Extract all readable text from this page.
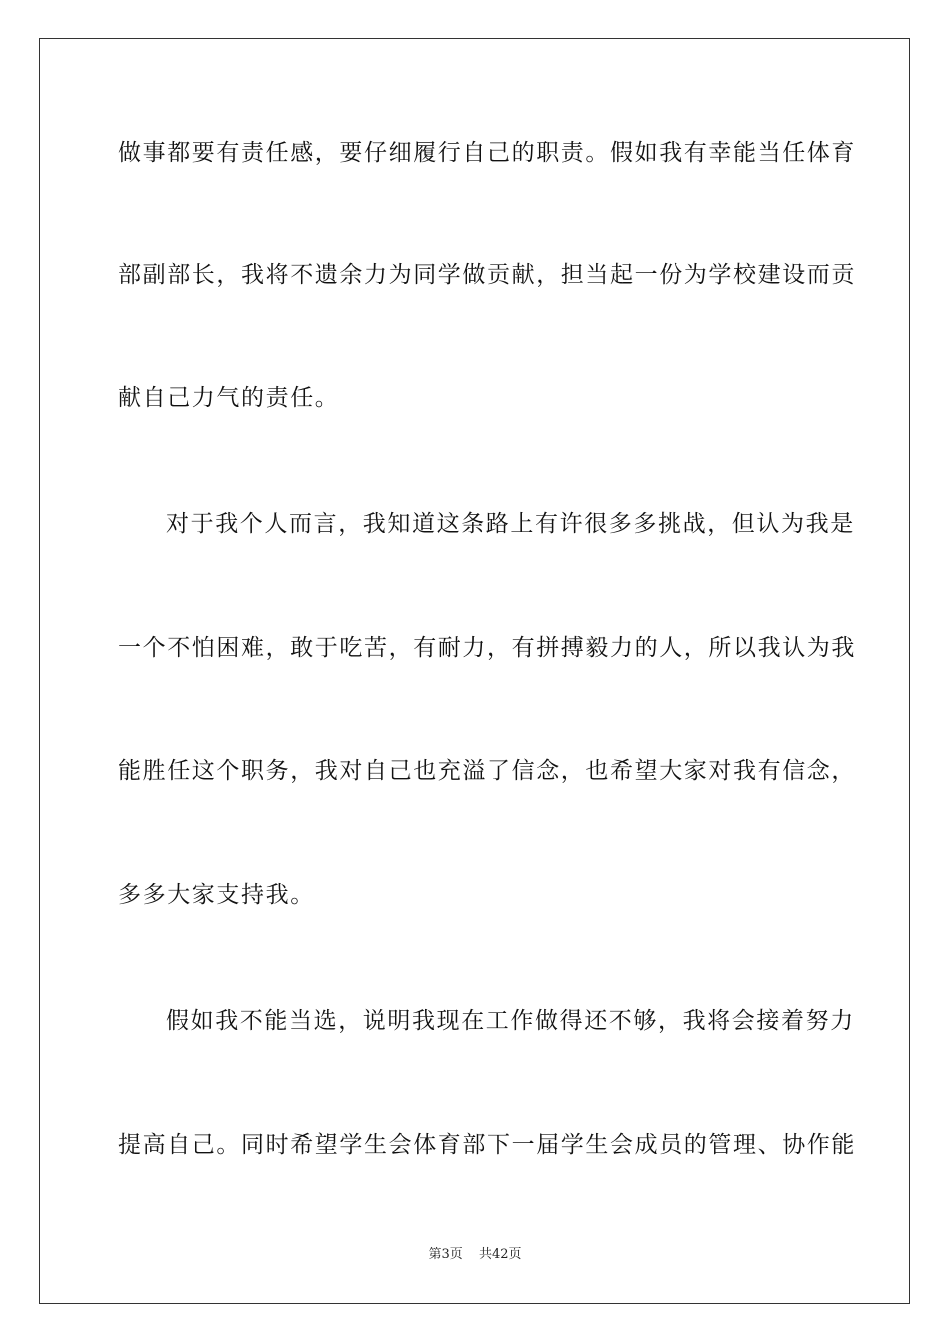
做事都要有责任感，要仔细履行自己的职责。假如我有幸能当任体育
部副部长，我将不遗余力为同学做贡献，担当起一份为学校建设而贡
献自己力气的责任。
对于我个人而言，我知道这条路上有许很多多挑战，但认为我是
一个不怕困难，敢于吃苦，有耐力，有拼搏毅力的人，所以我认为我
能胜任这个职务，我对自己也充溢了信念，也希望大家对我有信念，
多多大家支持我。
假如我不能当选，说明我现在工作做得还不够，我将会接着努力
提高自己。同时希望学生会体育部下一届学生会成员的管理、协作能
第3页 共42页
